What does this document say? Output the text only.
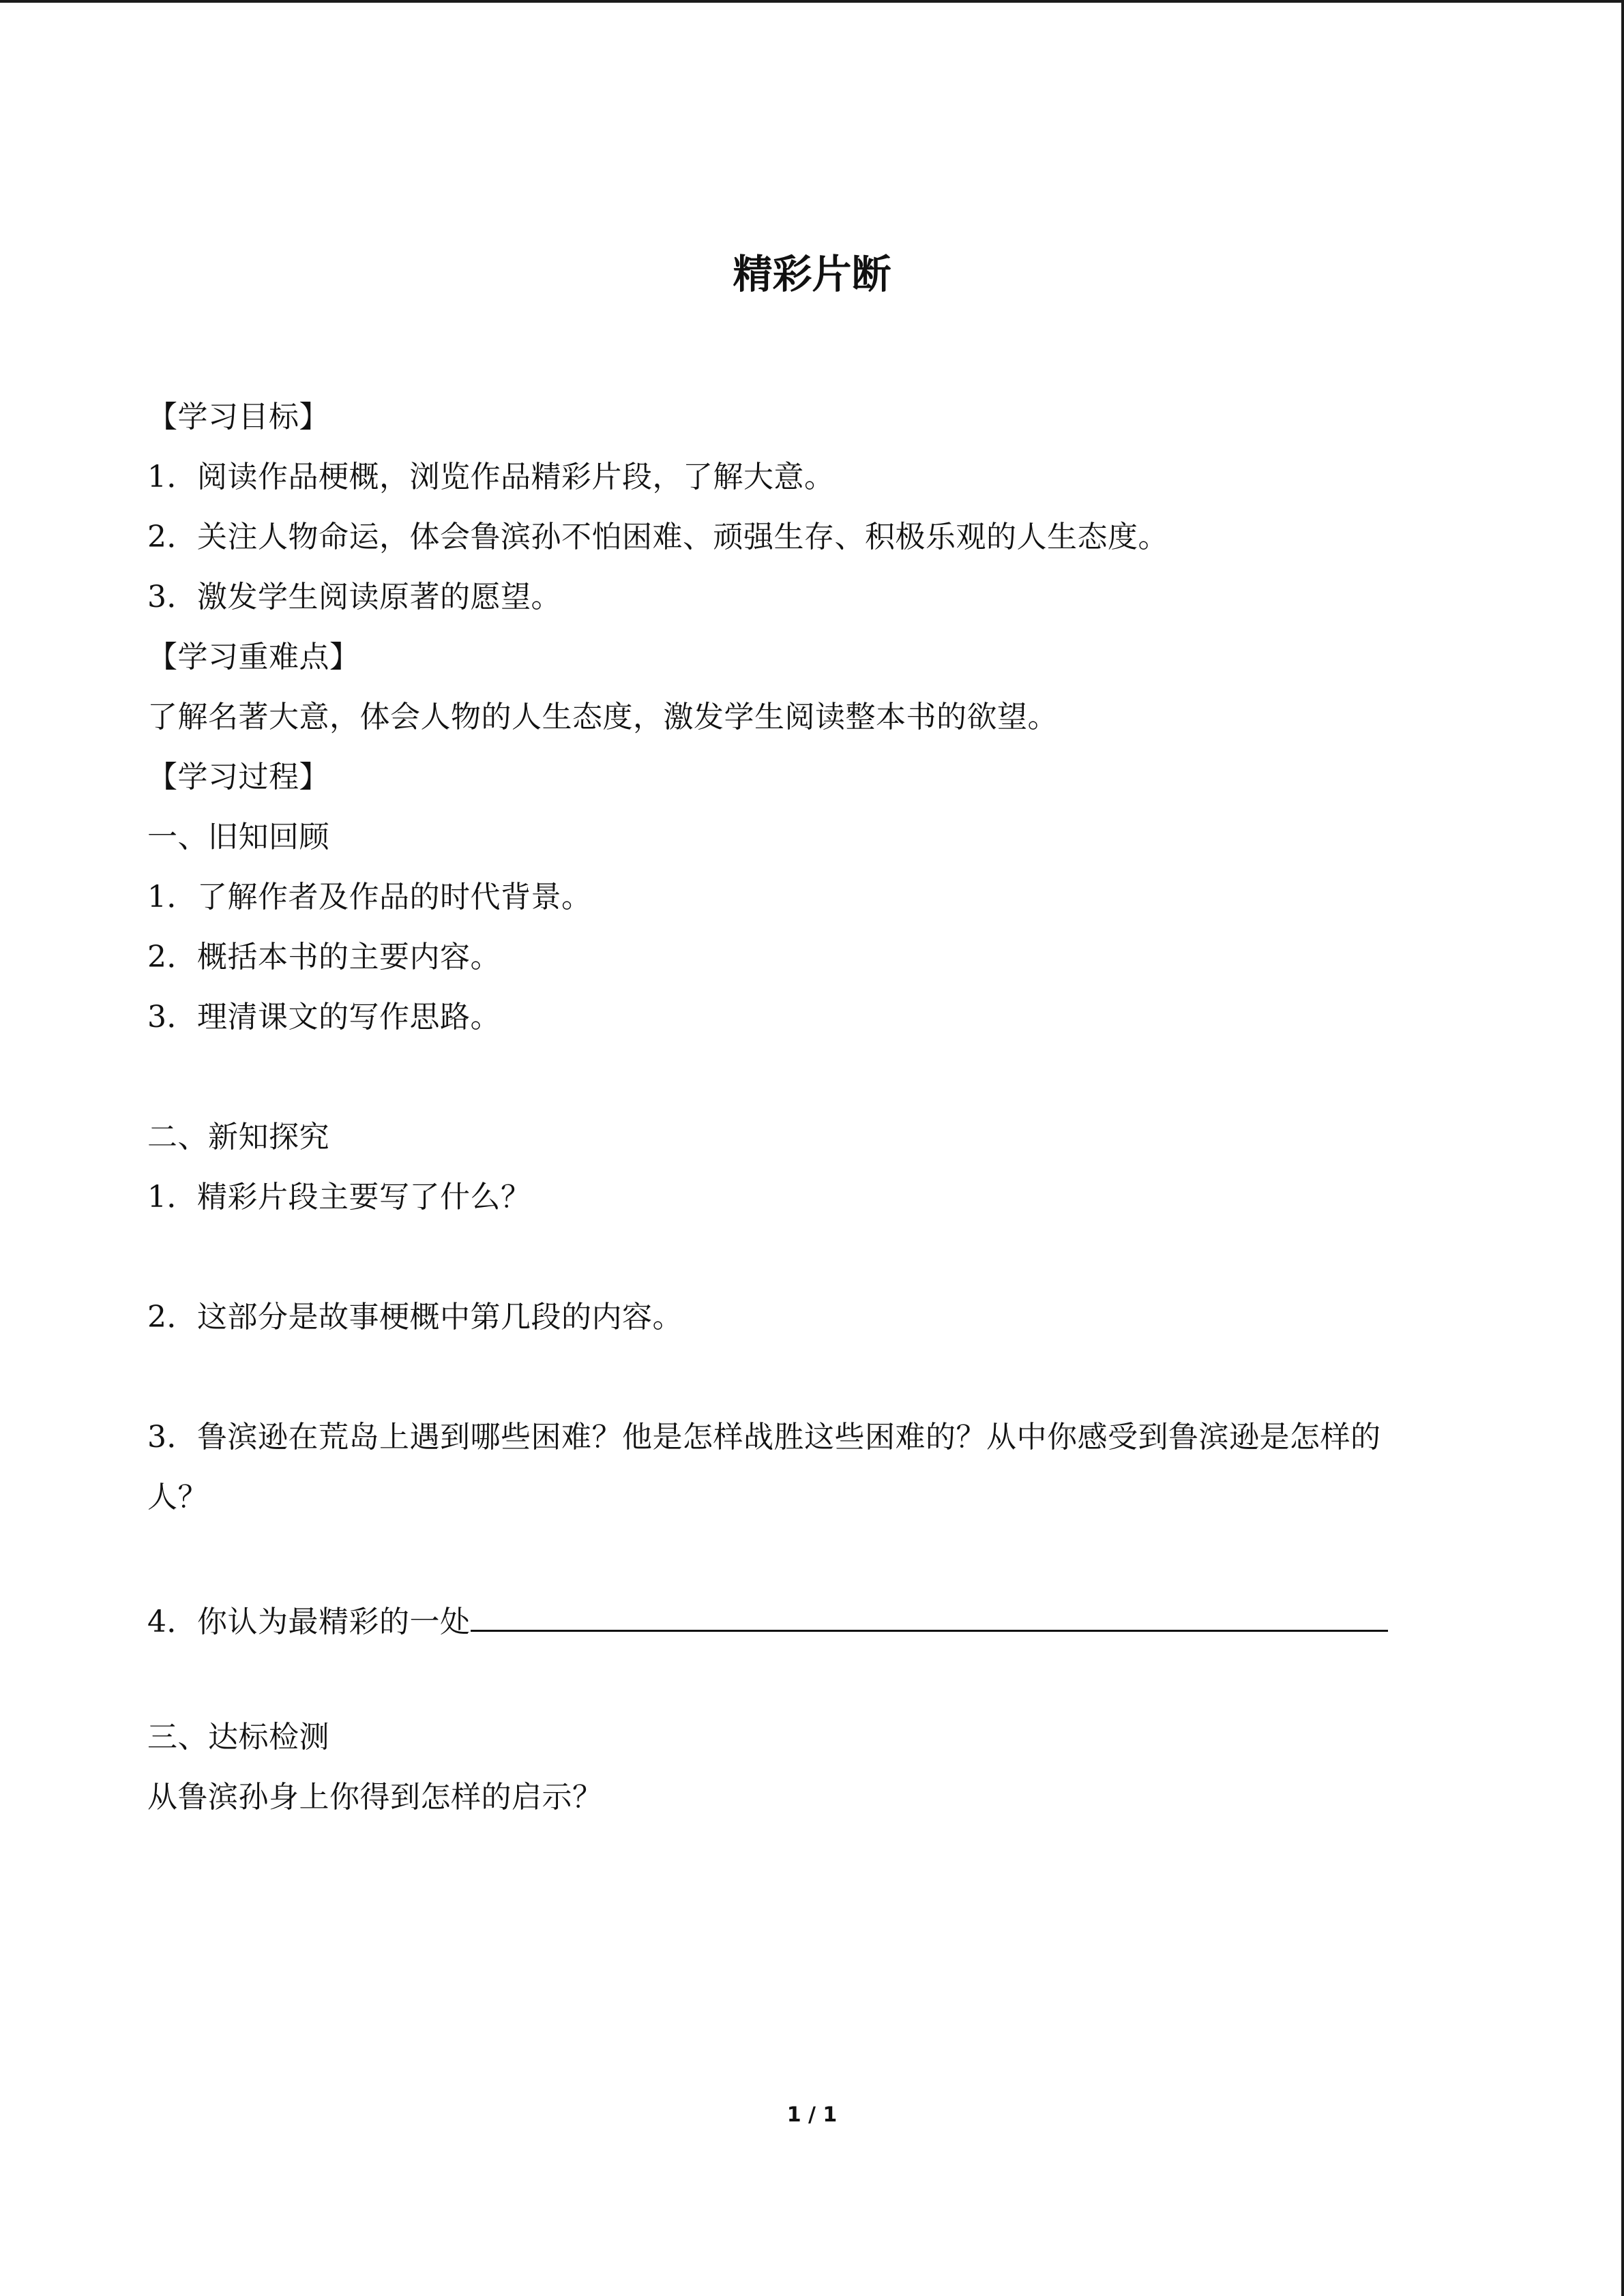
精彩片断
【学习目标】
1．阅读作品梗概，浏览作品精彩片段，了解大意。
2．关注人物命运，体会鲁滨孙不怕困难、顽强生存、积极乐观的人生态度。
3．激发学生阅读原著的愿望。
【学习重难点】
了解名著大意，体会人物的人生态度，激发学生阅读整本书的欲望。
【学习过程】
一、旧知回顾
1．了解作者及作品的时代背景。
2．概括本书的主要内容。
3．理清课文的写作思路。
二、新知探究
1．精彩片段主要写了什么？
2．这部分是故事梗概中第几段的内容。
3．鲁滨逊在荒岛上遇到哪些困难？他是怎样战胜这些困难的？从中你感受到鲁滨逊是怎样的
人？
4．你认为最精彩的一处
三、达标检测
从鲁滨孙身上你得到怎样的启示？
1 / 1
